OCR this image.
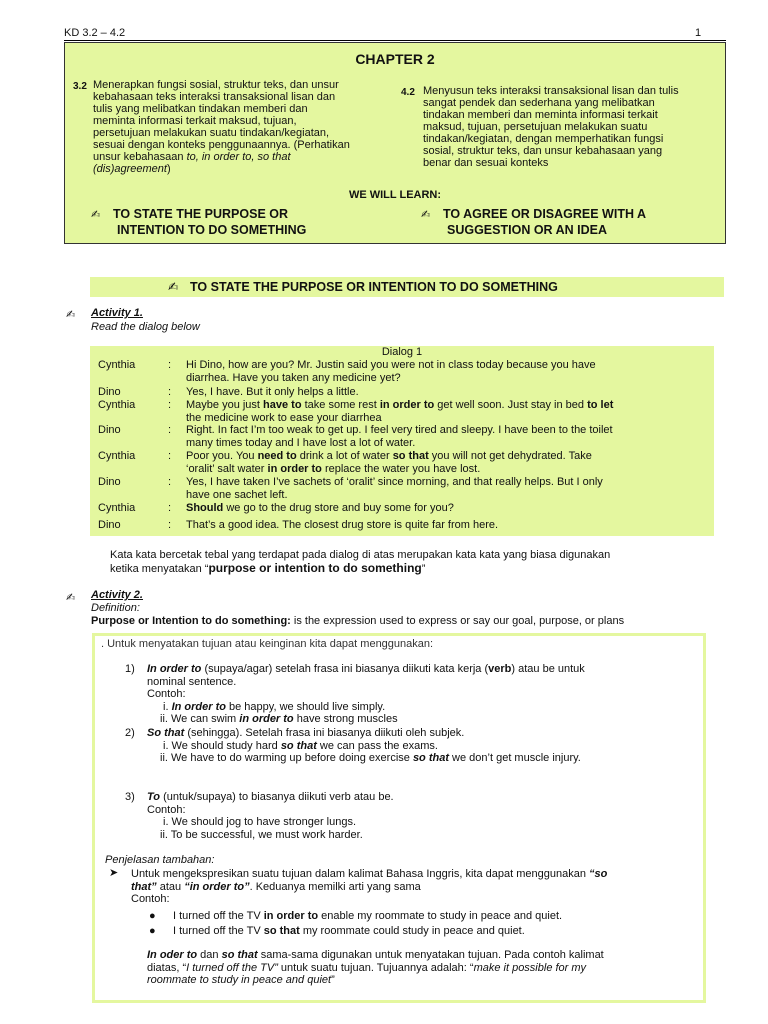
KD 3.2 – 4.2	1
CHAPTER 2
3.2 Menerapkan fungsi sosial, struktur teks, dan unsur
kebahasaan teks interaksi transaksional lisan dan
tulis yang melibatkan tindakan memberi dan
meminta informasi terkait maksud, tujuan,
persetujuan melakukan suatu tindakan/kegiatan,
sesuai dengan konteks penggunaannya. (Perhatikan
unsur kebahasaan to, in order to, so that
(dis)agreement)
4.2 Menyusun teks interaksi transaksional lisan dan tulis
sangat pendek dan sederhana yang melibatkan
tindakan memberi dan meminta informasi terkait
maksud, tujuan, persetujuan melakukan suatu
tindakan/kegiatan, dengan memperhatikan fungsi
sosial, struktur teks, dan unsur kebahasaan yang
benar dan sesuai konteks
WE WILL LEARN:
✍ TO STATE THE PURPOSE OR
INTENTION TO DO SOMETHING
✍ TO AGREE OR DISAGREE WITH A
SUGGESTION OR AN IDEA
✍ TO STATE THE PURPOSE OR INTENTION TO DO SOMETHING
✍ Activity 1.
Read the dialog below
Dialog 1
Cynthia	: Hi Dino, how are you? Mr. Justin said you were not in class today because you have
diarrhea. Have you taken any medicine yet?
Dino	: Yes, I have. But it only helps a little.
Cynthia	: Maybe you just have to take some rest in order to get well soon. Just stay in bed to let
the medicine work to ease your diarrhea
Dino	: Right. In fact I’m too weak to get up. I feel very tired and sleepy. I have been to the toilet
many times today and I have lost a lot of water.
Cynthia	: Poor you. You need to drink a lot of water so that you will not get dehydrated. Take
‘oralit’ salt water in order to replace the water you have lost.
Dino	: Yes, I have taken I’ve sachets of ‘oralit’ since morning, and that really helps. But I only
have one sachet left.
Cynthia	: Should we go to the drug store and buy some for you?
Dino	: That’s a good idea. The closest drug store is quite far from here.
Kata kata bercetak tebal yang terdapat pada dialog di atas merupakan kata kata yang biasa digunakan
ketika menyatakan “purpose or intention to do something”
✍ Activity 2.
Definition:
Purpose or Intention to do something: is the expression used to express or say our goal, purpose, or plans
. Untuk menyatakan tujuan atau keinginan kita dapat menggunakan:
1) In order to (supaya/agar) setelah frasa ini biasanya diikuti kata kerja (verb) atau be untuk
nominal sentence.
Contoh:
i. In order to be happy, we should live simply.
ii. We can swim in order to have strong muscles
2) So that (sehingga). Setelah frasa ini biasanya diikuti oleh subjek.
i. We should study hard so that we can pass the exams.
ii. We have to do warming up before doing exercise so that we don’t get muscle injury.
3) To (untuk/supaya) to biasanya diikuti verb atau be.
Contoh:
i. We should jog to have stronger lungs.
ii. To be successful, we must work harder.
Penjelasan tambahan:
➤ Untuk mengekspresikan suatu tujuan dalam kalimat Bahasa Inggris, kita dapat menggunakan “so
that” atau “in order to”. Keduanya memilki arti yang sama
Contoh:
● I turned off the TV in order to enable my roommate to study in peace and quiet.
● I turned off the TV so that my roommate could study in peace and quiet.
In oder to dan so that sama-sama digunakan untuk menyatakan tujuan. Pada contoh kalimat
diatas, “I turned off the TV” untuk suatu tujuan. Tujuannya adalah: “make it possible for my
roommate to study in peace and quiet”
